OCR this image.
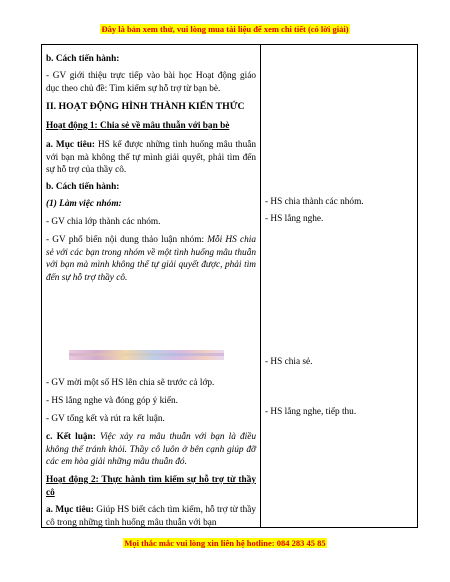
Đây là bản xem thử, vui lòng mua tài liệu để xem chi tiết (có lời giải)
b. Cách tiến hành:
- GV giới thiệu trực tiếp vào bài học Hoạt động giáo dục theo chủ đề: Tìm kiếm sự hỗ trợ từ bạn bè.
II. HOẠT ĐỘNG HÌNH THÀNH KIẾN THỨC
Hoạt động 1: Chia sẻ về mâu thuẫn với bạn bè
a. Mục tiêu: HS kể được những tình huống mâu thuẫn với bạn mà không thể tự mình giải quyết, phải tìm đến sự hỗ trợ của thầy cô.
b. Cách tiến hành:
(1) Làm việc nhóm:
- GV chia lớp thành các nhóm.
- GV phổ biến nội dung thảo luận nhóm: Mỗi HS chia sẻ với các bạn trong nhóm về một tình huống mâu thuẫn với bạn mà mình không thể tự giải quyết được, phải tìm đến sự hỗ trợ thầy cô.
- GV mời một số HS lên chia sẽ trước cả lớp.
- HS lắng nghe và đóng góp ý kiến.
- GV tổng kết và rút ra kết luận.
c. Kết luận: Việc xảy ra mâu thuẫn với bạn là điều không thể tránh khỏi. Thầy cô luôn ở bên cạnh giúp đỡ các em hòa giải những mâu thuẫn đó.
Hoạt động 2: Thực hành tìm kiếm sự hỗ trợ từ thầy cô
a. Mục tiêu: Giúp HS biết cách tìm kiếm, hỗ trợ từ thầy cô trong những tình huống mâu thuẫn với bạn
- HS chia thành các nhóm.
- HS lắng nghe.
- HS chia sẻ.
- HS lắng nghe, tiếp thu.
Mọi thắc mắc vui lòng xin liên hệ hotline: 084 283 45 85
